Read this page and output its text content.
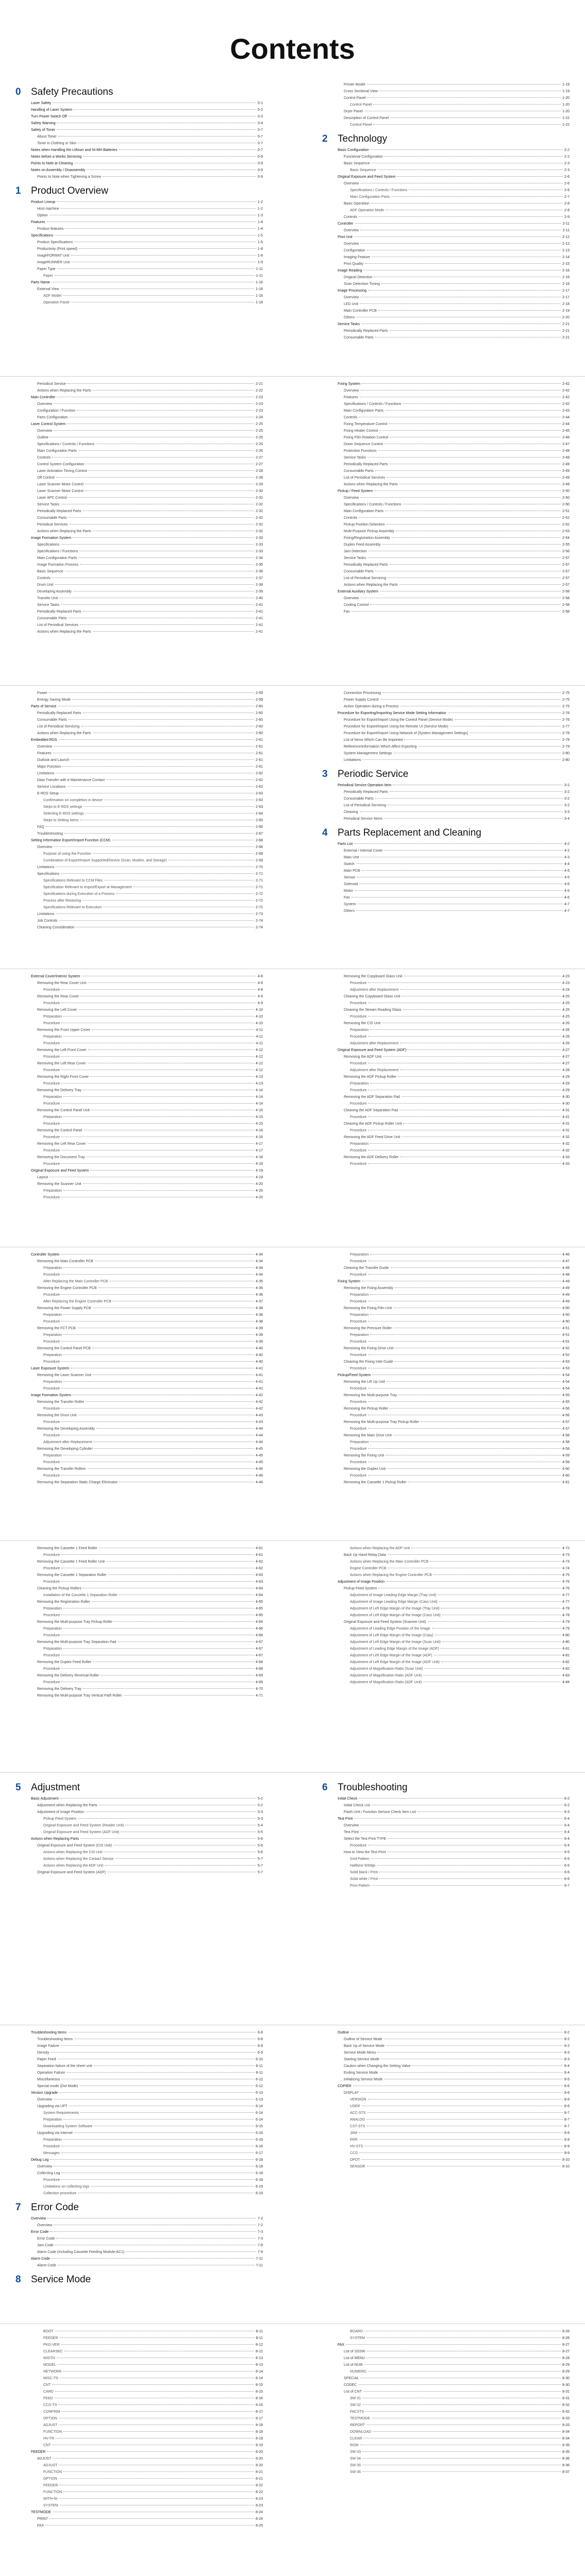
Contents
0	Safety Precautions
Laser Safety	0-1
Handling of Laser System	0-2
Turn Power Switch Off	0-3
Safety Warning	0-4
Safety of Toner	0-7
About Toner	0-7
Toner in Clothing or Skin	0-7
Notes when Handling the Lithium and Ni-MH Batteries	0-7
Notes before a Works Servicing	0-8
Points to Note at Cleaning	0-9
Notes on Assembly / Disassembly	0-9
Points to Note when Tightening a Screw	0-9
1	Product Overview
Product Lineup	1-2
Host machine	1-2
Option	1-3
Features	1-4
Product features	1-4
Specifications	1-5
Product Specifications	1-5
Productivity (Print speed)	1-8
imageFORMAT Unit	1-8
imageRUNNER Unit	1-9
Paper Type	1-11
Paper	1-11
Parts Name	1-16
External View	1-16
ADF Model	1-16
Operation Panel	1-18
Printer Model	1-19
Cross Sectional View	1-19
Control Panel	1-20
Control Panel	1-20
Dryer Panel	1-20
Description of Control Panel	1-22
Control Panel	1-22
2	Technology
Basic Configuration	2-2
Functional Configuration	2-2
Basic Sequence	2-3
Basic Sequence	2-3
Original Exposure and Feed System	2-6
Overview	2-6
Specifications / Controls / Functions	2-6
Main Configuration Parts	2-7
Basic Operation	2-8
ADF Operation Mode	2-8
Controls	2-9
Controller	2-11
Overview	2-11
Print Unit	2-12
Overview	2-12
Configuration	2-13
Imaging Feature	2-14
Print Quality	2-15
Image Reading	2-16
Original Detection	2-16
Scan Detection Timing	2-16
Image Processing	2-17
Overview	2-17
LED Unit	2-18
Main Controller PCB	2-19
Others	2-20
Service Tasks	2-21
Periodically Replaced Parts	2-21
Consumable Parts	2-21
Periodical Service	2-21
Actions when Replacing the Parts	2-22
Main Controller	2-23
Overview	2-23
Configuration / Function	2-23
Parts Configuration	2-24
Laser Control System	2-25
Overview	2-25
Outline	2-25
Specifications / Controls / Functions	2-25
Main Configuration Parts	2-26
Controls	2-27
Control System Configuration	2-27
Laser Activation Timing Control	2-28
Off Control	2-28
Laser Scanner Motor Control	2-29
Laser Scanner Motor Control	2-30
Laser APC Control	2-31
Service Tasks	2-32
Periodically Replaced Parts	2-32
Consumable Parts	2-32
Periodical Services	2-32
Actions when Replacing the Parts	2-32
Image Formation System	2-33
Specifications	2-33
Specifications / Functions	2-33
Main Configuration Parts	2-34
Image Formation Process	2-35
Basic Sequence	2-36
Controls	2-37
Drum Unit	2-38
Developing Assembly	2-39
Transfer Unit	2-40
Service Tasks	2-41
Periodically Replaced Parts	2-41
Consumable Parts	2-41
List of Periodical Services	2-41
Actions when Replacing the Parts	2-41
Fixing System	2-42
Overview	2-42
Features	2-42
Specifications / Controls / Functions	2-42
Main Configuration Parts	2-43
Controls	2-44
Fixing Temperature Control	2-44
Fixing Heater Control	2-45
Fixing Film Rotation Control	2-46
Down Sequence Control	2-47
Protection Functions	2-48
Service Tasks	2-49
Periodically Replaced Parts	2-49
Consumable Parts	2-49
List of Periodical Services	2-49
Actions when Replacing the Parts	2-49
Pickup / Feed System	2-50
Overview	2-50
Specifications / Controls / Functions	2-50
Main Configuration Parts	2-51
Controls	2-52
Pickup Position Detection	2-52
Multi-Purpose Pickup Assembly	2-53
Fixing/Registration Assembly	2-54
Duplex Feed Assembly	2-55
Jam Detection	2-56
Service Tasks	2-57
Periodically Replaced Parts	2-57
Consumable Parts	2-57
List of Periodical Servicing	2-57
Actions when Replacing the Parts	2-57
External Auxiliary System	2-58
Overview	2-58
Cooling Control	2-58
Fan	2-58
Power	2-59
Energy Saving Mode	2-59
Parts of Service	2-60
Periodically Replaced Parts	2-60
Consumable Parts	2-60
List of Periodical Servicing	2-60
Actions when Replacing the Parts	2-60
Embedded RDS	2-61
Overview	2-61
Features	2-61
Outlook and Launch	2-61
Major Function	2-61
Limitations	2-62
Data Transfer with e-Maintenance Contact	2-62
Service Locations	2-62
E-RDS Setup	2-63
Confirmation on completion in device	2-63
Steps to E-RDS settings	2-63
Selecting E-RDS settings	2-64
Steps to Setting Items	2-65
FAQ	2-66
Troubleshooting	2-67
Setting Information Export/Import Function (CCM)	2-68
Overview	2-68
Purpose of using the Function	2-68
Combination of Export/Import Supported/Device (Scan, Models, and Storage)	2-69
Limitations	2-70
Specifications	2-71
Specifications Relevant to CCM Files	2-71
Specification Relevant to Import/Export at Management	2-71
Specifications during Execution of a Process	2-72
Process after Restoring	2-72
Specifications Relevant to Execution	2-72
Limitations	2-73
Job Controls	2-74
Cleaning Consideration	2-74
Connection Processing	2-75
Power Supply Control	2-75
Action Operation during a Process	2-75
Procedure for Exporting/Importing Service Mode Setting Information	2-76
Procedure for Export/Import Using the Control Panel (Service Mode)	2-76
Procedure for Export/Import Using the Remote UI (Service Mode)	2-77
Procedure for Export/Import Using Network of [System Management Settings]	2-78
List of Items Which Can Be Imported	2-79
Reference/Information Which Affect Exporting	2-79
System Management Settings	2-80
Limitations	2-80
3	Periodic Service
Periodical Service Operation Item	3-2
Periodically Replaced Parts	3-2
Consumable Parts	3-2
List of Periodical Servicing	3-2
Cleaning	3-3
Periodical Service Items	3-4
4	Parts Replacement and Cleaning
Parts List	4-2
External / Internal Cover	4-2
Main Unit	4-3
Switch	4-4
Main PCB	4-5
Sensor	4-5
Solenoid	4-6
Motor	4-6
Fan	4-6
System	4-7
Others	4-7
External Cover/Interior System	4-8
Removing the Rear Cover Unit	4-8
Procedure	4-8
Removing the Rear Cover	4-9
Procedure	4-9
Removing the Left Cover	4-10
Preparation	4-10
Procedure	4-10
Removing the Front Upper Cover	4-11
Preparation	4-11
Procedure	4-11
Removing the Left Front Cover	4-12
Procedure	4-12
Removing the Left Rear Cover	4-12
Procedure	4-12
Removing the Right Front Cover	4-13
Procedure	4-13
Removing the Delivery Tray	4-14
Preparation	4-14
Procedure	4-14
Removing the Control Panel Unit	4-15
Preparation	4-15
Procedure	4-15
Removing the Control Panel	4-16
Procedure	4-16
Removing the Left Rear Cover	4-17
Procedure	4-17
Removing the Document Tray	4-18
Procedure	4-18
Original Exposure and Feed System	4-19
Layout	4-19
Removing the Scanner Unit	4-20
Preparation	4-20
Procedure	4-20
Removing the Copyboard Glass Unit	4-23
Procedure	4-23
Adjustment after Replacement	4-24
Cleaning the Copyboard Glass Unit	4-25
Procedure	4-25
Cleaning the Stream Reading Glass	4-25
Procedure	4-25
Removing the CIS Unit	4-26
Preparation	4-26
Procedure	4-26
Adjustment after Replacement	4-26
Original Exposure and Feed System (ADF)	4-27
Removing the ADF Unit	4-27
Procedure	4-27
Adjustment after Replacement	4-28
Removing the ADF Pickup Roller	4-29
Preparation	4-29
Procedure	4-29
Removing the ADF Separation Pad	4-30
Procedure	4-30
Cleaning the ADF Separation Pad	4-31
Procedure	4-31
Cleaning the ADF Pickup Roller Unit	4-31
Procedure	4-31
Removing the ADF Feed Drive Unit	4-32
Preparation	4-32
Procedure	4-32
Removing the ADF Delivery Roller	4-33
Procedure	4-33
Controller System	4-34
Removing the Main Controller PCB	4-34
Preparation	4-34
Procedure	4-34
After Replacing the Main Controller PCB	4-35
Removing the Engine Controller PCB	4-36
Procedure	4-36
After Replacing the Engine Controller PCB	4-37
Removing the Power Supply PCB	4-38
Preparation	4-38
Procedure	4-38
Removing the FCT PCB	4-39
Preparation	4-39
Procedure	4-39
Removing the Control Panel PCB	4-40
Preparation	4-40
Procedure	4-40
Laser Exposure System	4-41
Removing the Laser Scanner Unit	4-41
Preparation	4-41
Procedure	4-41
Image Formation System	4-42
Removing the Transfer Roller	4-42
Procedure	4-42
Removing the Drum Unit	4-43
Procedure	4-43
Removing the Developing Assembly	4-44
Procedure	4-44
Adjustment after Replacement	4-44
Removing the Developing Cylinder	4-45
Preparation	4-45
Procedure	4-45
Removing the Transfer Rollers	4-46
Procedure	4-46
Removing the Separation Static Charge Eliminator	4-46
Preparation	4-46
Procedure	4-47
Cleaning the Transfer Guide	4-48
Procedure	4-48
Fixing System	4-49
Removing the Fixing Assembly	4-49
Preparation	4-49
Procedure	4-49
Removing the Fixing Film Unit	4-50
Preparation	4-50
Procedure	4-50
Removing the Pressure Roller	4-51
Preparation	4-51
Procedure	4-51
Removing the Fixing Drive Unit	4-52
Procedure	4-52
Cleaning the Fixing Inlet Guide	4-53
Procedure	4-53
Pickup/Feed System	4-54
Removing the Lift Up Unit	4-54
Procedure	4-54
Removing the Multi-purpose Tray	4-55
Procedure	4-55
Removing the Pickup Roller	4-56
Procedure	4-56
Removing the Multi-purpose Tray Pickup Roller	4-57
Procedure	4-57
Removing the Main Drive Unit	4-58
Preparation	4-58
Procedure	4-58
Removing the Fixing Unit	4-59
Procedure	4-59
Removing the Duplex Unit	4-60
Procedure	4-60
Removing the Cassette 1 Pickup Roller	4-61
Removing the Cassette 1 Feed Roller	4-61
Procedure	4-61
Removing the Cassette 1 Feed Roller Unit	4-62
Procedure	4-62
Removing the Cassette 1 Separation Roller	4-63
Procedure	4-63
Cleaning the Pickup Rollers	4-64
Installation of the Cassette 1 Separation Roller	4-64
Removing the Registration Roller	4-65
Preparation	4-65
Procedure	4-65
Removing the Multi-purpose Tray Pickup Roller	4-66
Preparation	4-66
Procedure	4-66
Removing the Multi-purpose Tray Separation Pad	4-67
Preparation	4-67
Procedure	4-67
Removing the Duplex Feed Roller	4-68
Procedure	4-68
Removing the Delivery Reversal Roller	4-69
Procedure	4-69
Removing the Delivery Tray	4-70
Removing the Multi-purpose Tray Vertical Path Roller	4-71
Actions when Replacing the ADF Unit	4-72
Back Up Hand Relay Data	4-73
Actions when Replacing the Main Controller PCB	4-73
Engine Controller PCB	4-74
Actions when Replacing the Engine Controller PCB	4-75
Adjustment of Image Position	4-76
Pickup Feed System	4-76
Adjustment of Image Leading Edge Margin (Tray Unit)	4-77
Adjustment of Image Leading Edge Margin (Cass Unit)	4-77
Adjustment of Left Edge Margin of the Image (Tray Unit)	4-78
Adjustment of Left Edge Margin of the Image (Cass Unit)	4-78
Original Exposure and Feed System (Scanner Unit)	4-79
Adjustment of Leading Edge Position of the Image	4-79
Adjustment of Left Edge Margin of the Image (Copy)	4-80
Adjustment of Left Edge Margin of the Image (Scan Unit)	4-80
Adjustment of Leading Edge Margin of the Image (ADF)	4-81
Adjustment of Left Edge Margin of the Image (ADF)	4-81
Adjustment of Left Edge Margin of the Image (ADF Unit)	4-82
Adjustment of Magnification Ratio (Scan Unit)	4-82
Adjustment of Magnification Ratio (ADF Unit)	4-83
Adjustment of Magnification Ratio (ADF Unit)	4-84
5	Adjustment
Basic Adjustment	5-2
Adjustment when Replacing the Parts	5-2
Adjustment of Image Position	5-3
Pickup Feed System	5-3
Original Exposure and Feed System (Reader Unit)	5-4
Original Exposure and Feed System (ADF Unit)	5-5
Actions when Replacing Parts	5-6
Original Exposure and Feed System (CIS Unit)	5-6
Actions when Replacing the CIS Unit	5-6
Actions when Replacing the Contact Sensor	5-7
Actions when Replacing the ADF Unit	5-7
Original Exposure and Feed System (ADF)	5-7
6	Troubleshooting
Initial Check	6-2
Initial Check List	6-2
Flash Unit / Function Service Check Item List	6-3
Test Print	6-4
Overview	6-4
Test Print	6-4
Select the Test Print TYPE	6-4
Procedure	6-4
How to View the Test Print	6-5
Grid Pattern	6-5
Halftone 600dpi	6-5
Solid black / Print	6-6
Solid white / Print	6-6
Print Pattern	6-7
Troubleshooting Items	6-8
Troubleshooting Items	6-8
Image Failure	6-8
Density	6-9
Paper Feed	6-10
Separation failure of the sheet unit	6-11
Operation Failure	6-11
Miscellaneous	6-12
Special mode (Dot Mode)	6-12
Version Upgrade	6-13
Overview	6-13
Upgrading via UFT	6-14
System Requirements	6-14
Preparation	6-14
Downloading System Software	6-15
Upgrading via Internet	6-16
Preparation	6-16
Procedure	6-16
Messages	6-17
Debug Log	6-18
Overview	6-18
Collecting Log	6-18
Procedure	6-18
Limitations on collecting logs	6-19
Collection procedure	6-19
7	Error Code
Overview	7-2
Overview	7-2
Error Code	7-3
Error Code	7-3
Jam Code	7-8
Alarm Code (Including Cassette Feeding Module-AC1)	7-9
Alarm Code	7-11
Alarm Code	7-11
8	Service Mode
Outline	8-2
Outline of Service Mode	8-2
Back Up of Service Mode	8-2
Service Mode Menu	8-3
Starting Service Mode	8-3
Caution when Changing the Setting Value	8-4
Ending Service Mode	8-4
Initializing Service Mode	8-5
COPIER	8-6
DISPLAY	8-6
VERSION	8-6
USER	8-6
ACC-STS	8-7
ANALOG	8-7
CST-STS	8-7
JAM	8-8
ERR	8-8
HV-STS	8-9
CCD	8-9
DPOT	8-10
SENSOR	8-10
BOOT	8-11
FEEDER	8-11
PKG-VER	8-12
CLEARSEC	8-12
WIDTH	8-13
MODEL	8-13
NETWORK	8-14
MISC-TS	8-14
CNT	8-15
CARD	8-15
FEED	8-16
CCD-TS	8-16
CONFIRM	8-17
OPTION	8-17
ADJUST	8-18
FUNCTION	8-18
HV-TR	8-19
CNT	8-19
FEEDER	8-20
ADJUST	8-20
ADJUST	8-20
FUNCTION	8-21
OPTION	8-21
FEEDER	8-22
FUNCTION	8-22
WITH-NI	8-23
SYSTEM	8-23
TESTMODE	8-24
PRINT	8-24
FAX	8-25
BOARD	8-26
SYSTEM	8-26
FAX	8-27
List of SSSW	8-27
List of MENU	8-28
List of NUM	8-29
NUMERIC	8-29
SPECIAL	8-30
CODEC	8-30
List of CNT	8-31
SW 01	8-31
SW 02	8-32
FACSTS	8-32
TESTMODE	8-33
REPORT	8-33
DOWNLOAD	8-34
CLEAR	8-34
ROM	8-35
SW 03	8-35
SW 04	8-36
SW 05	8-36
SW 06	8-37
